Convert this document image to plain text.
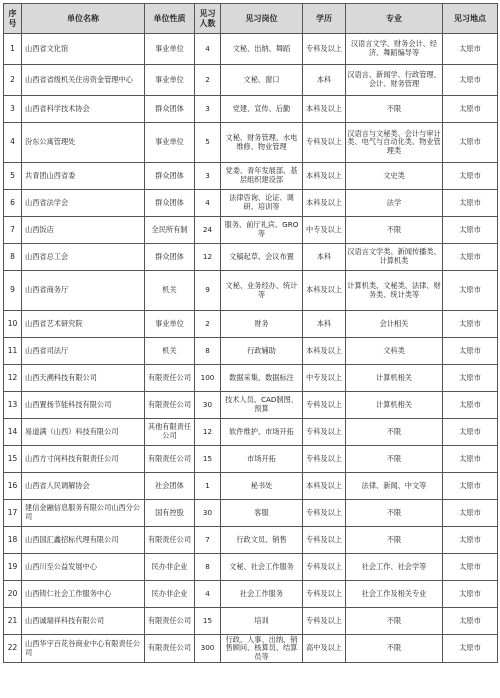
序号	单位名称	单位性质	见习人数	见习岗位	学历	专业	见习地点
1	山西省文化馆	事业单位	4	文秘、出纳、舞蹈	专科及以上	汉语言文学、财务会计、经济、舞蹈编导等	太原市
2	山西省省级机关住房资金管理中心	事业单位	2	文秘、窗口	本科	汉语言、新闻学、行政管理、会计、财务管理	太原市
3	山西省科学技术协会	群众团体	3	党建、宣传、后勤	本科及以上	不限	太原市
4	汾东公寓管理处	事业单位	5	文秘、财务管理、水电维修、物业管理	专科及以上	汉语言与文秘类、会计与审计类、电气与自动化类、物业管理类	太原市
5	共青团山西省委	群众团体	3	党委、青年发展部、基层组织建设部	本科及以上	文史类	太原市
6	山西省法学会	群众团体	4	法律咨询、论证、调研、培训等	本科及以上	法学	太原市
7	山西饭店	全民所有制	24	服务、前厅礼宾、GRO等	中专及以上	不限	太原市
8	山西省总工会	群众团体	12	文稿起草、会议布置	本科	汉语言文学类、新闻传播类、计算机类	太原市
9	山西省商务厅	机关	9	文秘、业务经办、统计等	本科及以上	计算机类、文秘类、法律、财务类、统计类等	太原市
10	山西省艺术研究院	事业单位	2	财务	本科	会计相关	太原市
11	山西省司法厅	机关	8	行政辅助	本科及以上	文科类	太原市
12	山西天溯科技有限公司	有限责任公司	100	数据采集、数据标注	中专及以上	计算机相关	太原市
13	山西置扬节能科技有限公司	有限责任公司	30	技术人员、CAD制图、预算	专科及以上	计算机相关	太原市
14	易道满（山西）科技有限公司	其他有限责任公司	12	软件维护、市场开拓	专科及以上	不限	太原市
15	山西方寸间科技有限责任公司	有限责任公司	15	市场开拓	专科及以上	不限	太原市
16	山西省人民调解协会	社会团体	1	秘书处	本科及以上	法律、新闻、中文等	太原市
17	建信金融信息服务有限公司山西分公司	国有控股	30	客服	专科及以上	不限	太原市
18	山西国汇鑫招标代理有限公司	有限责任公司	7	行政文员、销售	专科及以上	不限	太原市
19	山西川至公益发展中心	民办非企业	8	文秘、社会工作服务	专科及以上	社会工作、社会学等	太原市
20	山西铸仁社会工作服务中心	民办非企业	4	社会工作服务	专科及以上	社会工作及相关专业	太原市
21	山西诚瑞祥科技有限公司	有限责任公司	15	培训	专科及以上	不限	太原市
22	山西华宇百花谷商业中心有限责任公司	有限责任公司	300	行政、人事、出纳、销售顾问、核算员、结算员等	高中及以上	不限	太原市
